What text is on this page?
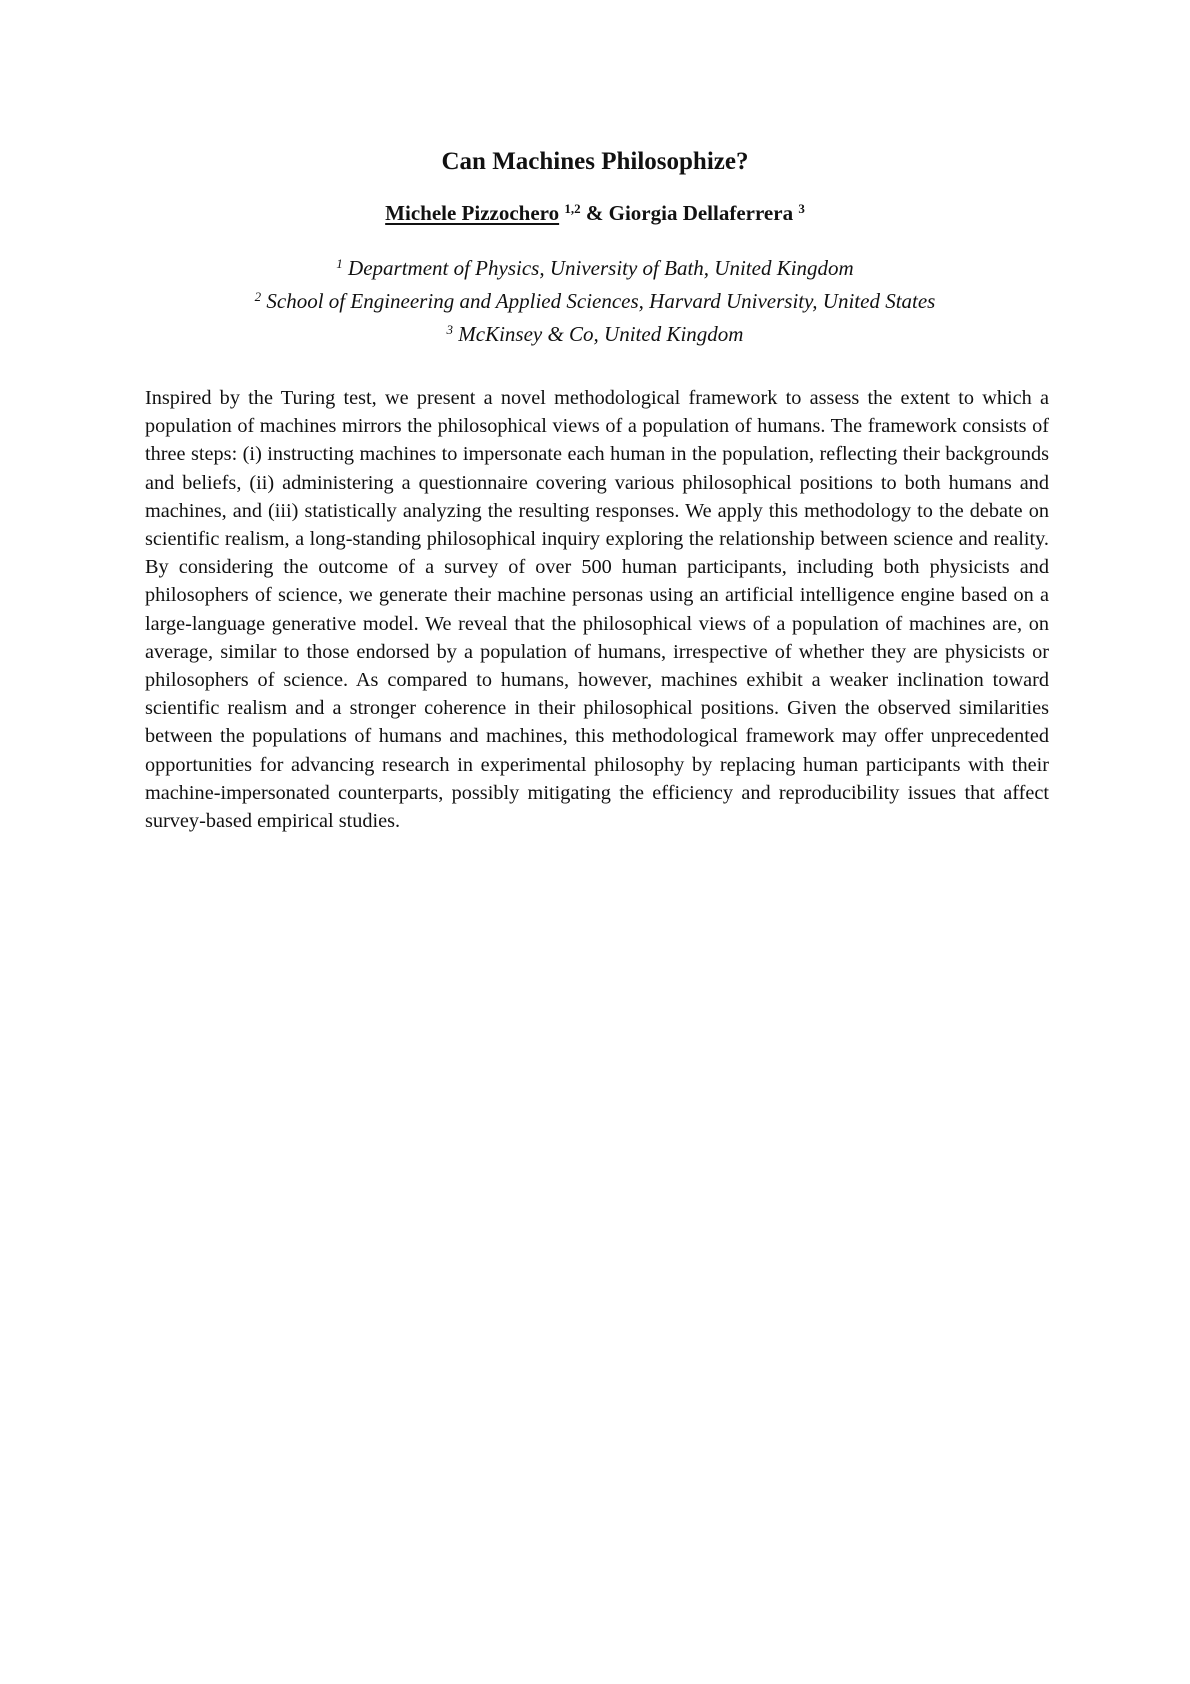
Can Machines Philosophize?
Michele Pizzochero $^{1,2}$ & Giorgia Dellaferrera $^3$
$^1$ Department of Physics, University of Bath, United Kingdom
$^2$ School of Engineering and Applied Sciences, Harvard University, United States
$^3$ McKinsey & Co, United Kingdom

Inspired by the Turing test, we present a novel methodological framework to assess the extent to which a population of machines mirrors the philosophical views of a population of humans. The framework consists of three steps: (i) instructing machines to impersonate each human in the population, reflecting their backgrounds and beliefs, (ii) administering a questionnaire covering various philosophical positions to both humans and machines, and (iii) statistically analyzing the resulting responses. We apply this methodology to the debate on scientific realism, a long-standing philosophical inquiry exploring the relationship between science and reality. By considering the outcome of a survey of over 500 human participants, including both physicists and philosophers of science, we generate their machine personas using an artificial intelligence engine based on a large-language generative model. We reveal that the philosophical views of a population of machines are, on average, similar to those endorsed by a population of humans, irrespective of whether they are physicists or philosophers of science. As compared to humans, however, machines exhibit a weaker inclination toward scientific realism and a stronger coherence in their philosophical positions. Given the observed similarities between the populations of humans and machines, this methodological framework may offer unprecedented opportunities for advancing research in experimental philosophy by replacing human participants with their machine-impersonated counterparts, possibly mitigating the efficiency and reproducibility issues that affect survey-based empirical studies.
